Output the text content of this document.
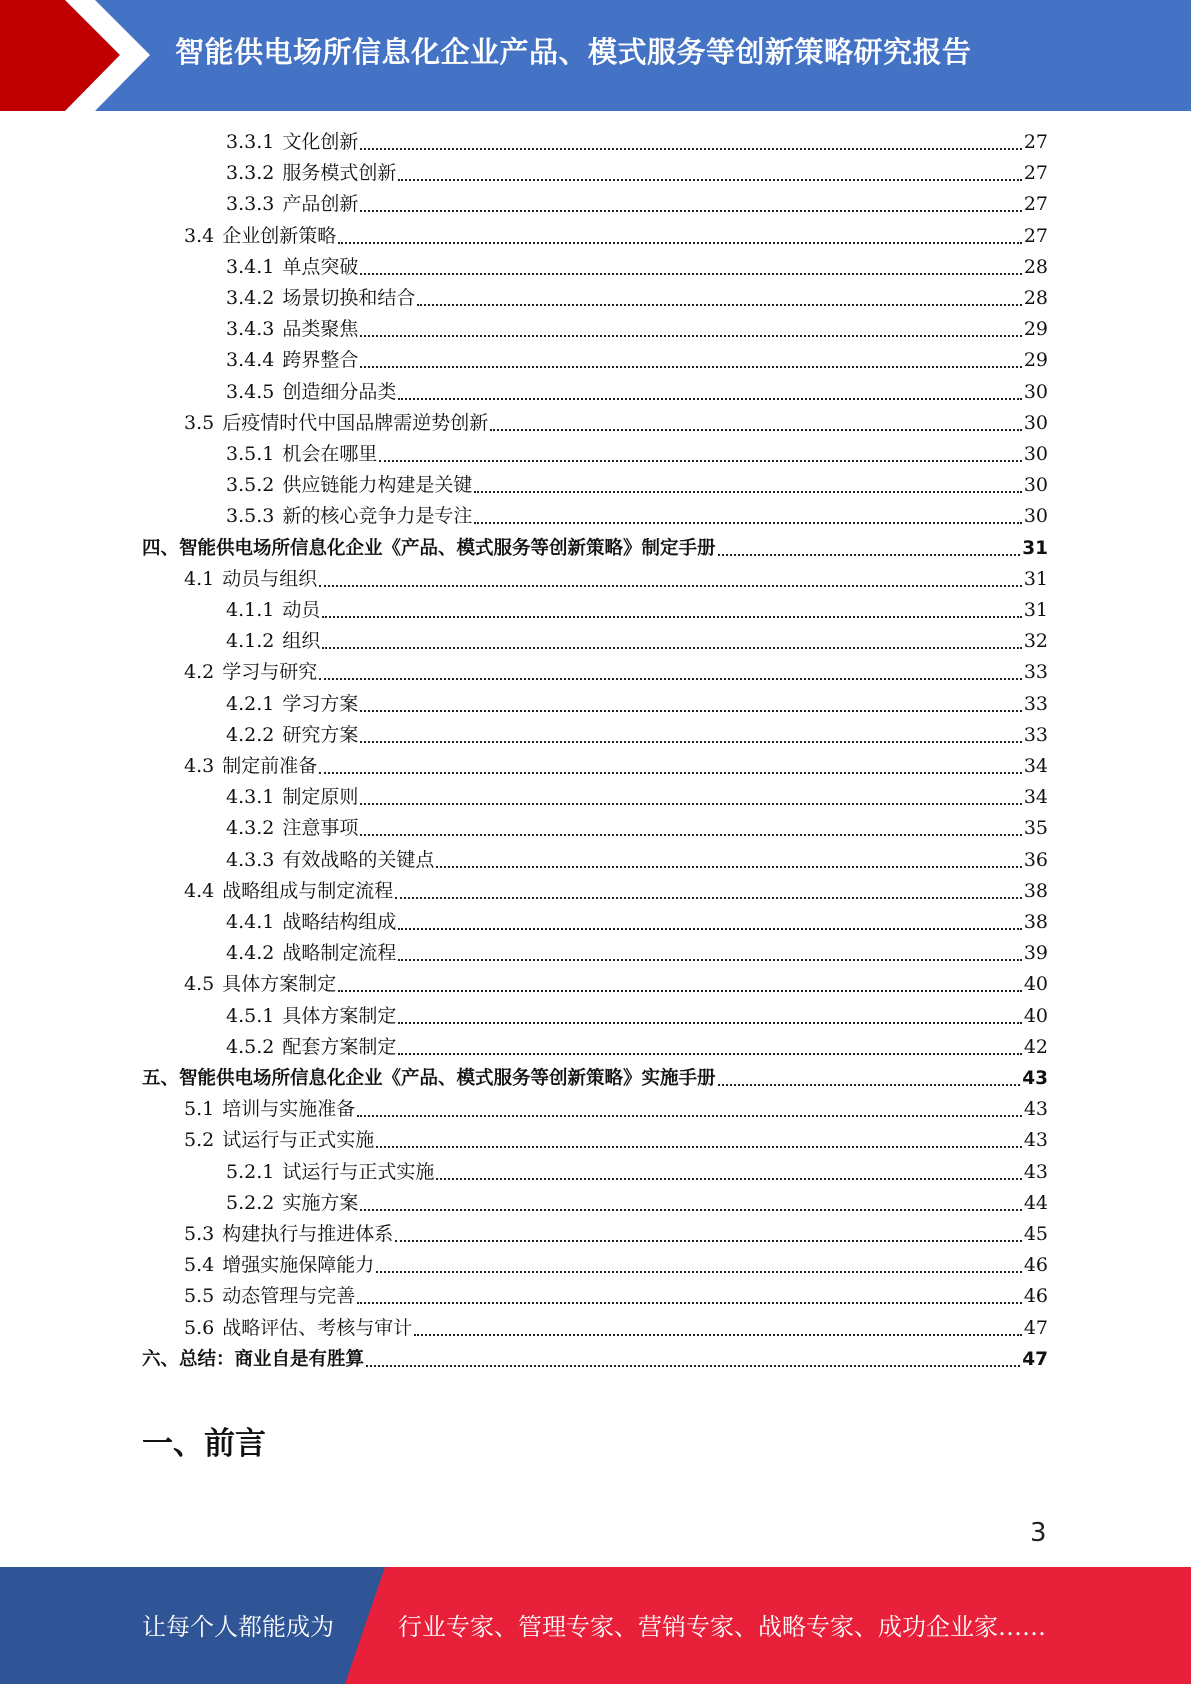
智能供电场所信息化企业产品、模式服务等创新策略研究报告
3.3.1 文化创新	27
3.3.2 服务模式创新	27
3.3.3 产品创新	27
3.4 企业创新策略	27
3.4.1 单点突破	28
3.4.2 场景切换和结合	28
3.4.3 品类聚焦	29
3.4.4 跨界整合	29
3.4.5 创造细分品类	30
3.5 后疫情时代中国品牌需逆势创新	30
3.5.1 机会在哪里	30
3.5.2 供应链能力构建是关键	30
3.5.3 新的核心竞争力是专注	30
四、智能供电场所信息化企业《产品、模式服务等创新策略》制定手册	31
4.1 动员与组织	31
4.1.1 动员	31
4.1.2 组织	32
4.2 学习与研究	33
4.2.1 学习方案	33
4.2.2 研究方案	33
4.3 制定前准备	34
4.3.1 制定原则	34
4.3.2 注意事项	35
4.3.3 有效战略的关键点	36
4.4 战略组成与制定流程	38
4.4.1 战略结构组成	38
4.4.2 战略制定流程	39
4.5 具体方案制定	40
4.5.1 具体方案制定	40
4.5.2 配套方案制定	42
五、智能供电场所信息化企业《产品、模式服务等创新策略》实施手册	43
5.1 培训与实施准备	43
5.2 试运行与正式实施	43
5.2.1 试运行与正式实施	43
5.2.2 实施方案	44
5.3 构建执行与推进体系	45
5.4 增强实施保障能力	46
5.5 动态管理与完善	46
5.6 战略评估、考核与审计	47
六、总结：商业自是有胜算	47
一、前言
3
让每个人都能成为	行业专家、管理专家、营销专家、战略专家、成功企业家……
